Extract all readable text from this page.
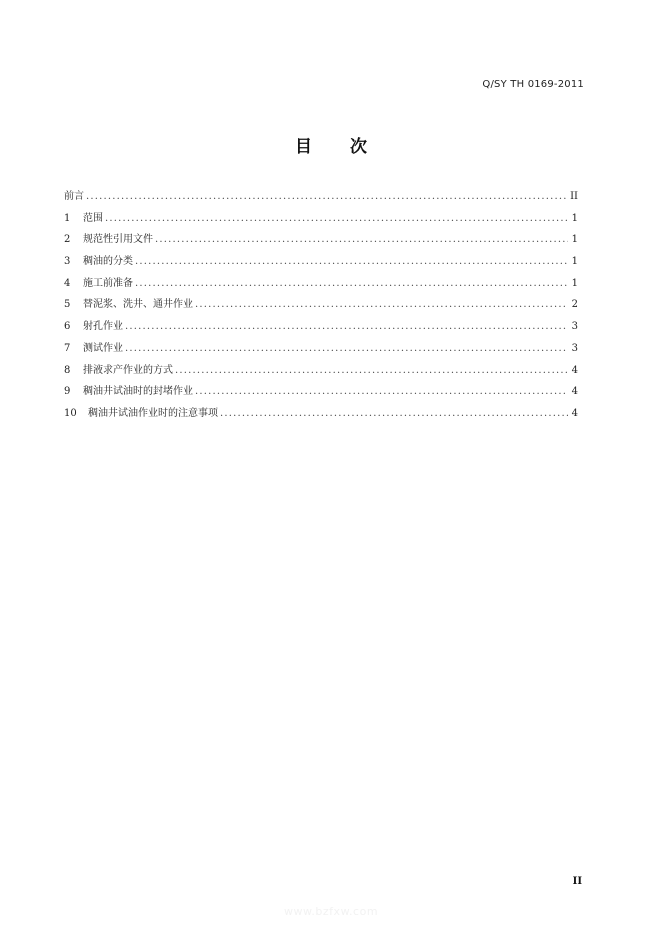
Q/SY TH 0169-2011
目 次
前言 .....	II
1	范围 .....	1
2	规范性引用文件 .....	1
3	稠油的分类 .....	1
4	施工前准备 .....	1
5	替泥浆、洗井、通井作业 .....	2
6	射孔作业 .....	3
7	测试作业 .....	3
8	排液求产作业的方式 .....	4
9	稠油井试油时的封堵作业 .....	4
10	稠油井试油作业时的注意事项 .....	4
II
www.bzfxw.com
